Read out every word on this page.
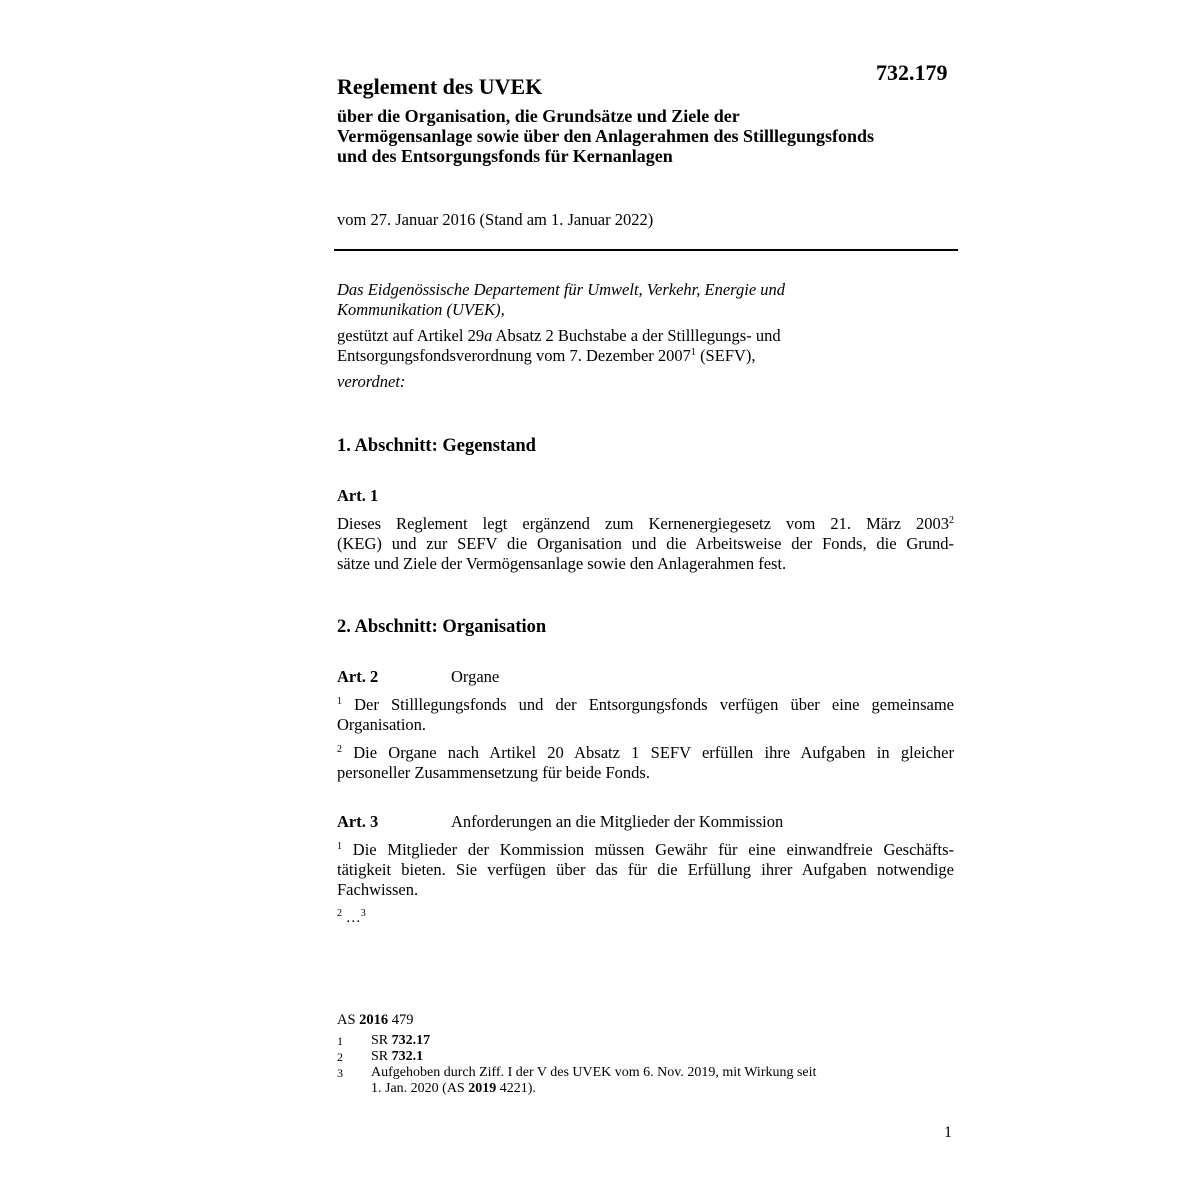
732.179
Reglement des UVEK
über die Organisation, die Grundsätze und Ziele der
Vermögensanlage sowie über den Anlagerahmen des Stilllegungsfonds
und des Entsorgungsfonds für Kernanlagen
vom 27. Januar 2016 (Stand am 1. Januar 2022)
Das Eidgenössische Departement für Umwelt, Verkehr, Energie und
Kommunikation (UVEK),
gestützt auf Artikel 29a Absatz 2 Buchstabe a der Stilllegungs- und
Entsorgungsfondsverordnung vom 7. Dezember 2007$^1$ (SEFV),
verordnet:
1. Abschnitt: Gegenstand
Art. 1
Dieses Reglement legt ergänzend zum Kernenergiegesetz vom 21. März 2003$^2$
(KEG) und zur SEFV die Organisation und die Arbeitsweise der Fonds, die Grund-
sätze und Ziele der Vermögensanlage sowie den Anlagerahmen fest.
2. Abschnitt: Organisation
Art. 2	Organe
$^1$ Der Stilllegungsfonds und der Entsorgungsfonds verfügen über eine gemeinsame
Organisation.
$^2$ Die Organe nach Artikel 20 Absatz 1 SEFV erfüllen ihre Aufgaben in gleicher
personeller Zusammensetzung für beide Fonds.
Art. 3	Anforderungen an die Mitglieder der Kommission
$^1$ Die Mitglieder der Kommission müssen Gewähr für eine einwandfreie Geschäfts-
tätigkeit bieten. Sie verfügen über das für die Erfüllung ihrer Aufgaben notwendige
Fachwissen.
$^2$ …$^3$
AS 2016 479
1	SR 732.17
2	SR 732.1
3	Aufgehoben durch Ziff. I der V des UVEK vom 6. Nov. 2019, mit Wirkung seit
1. Jan. 2020 (AS 2019 4221).
1
